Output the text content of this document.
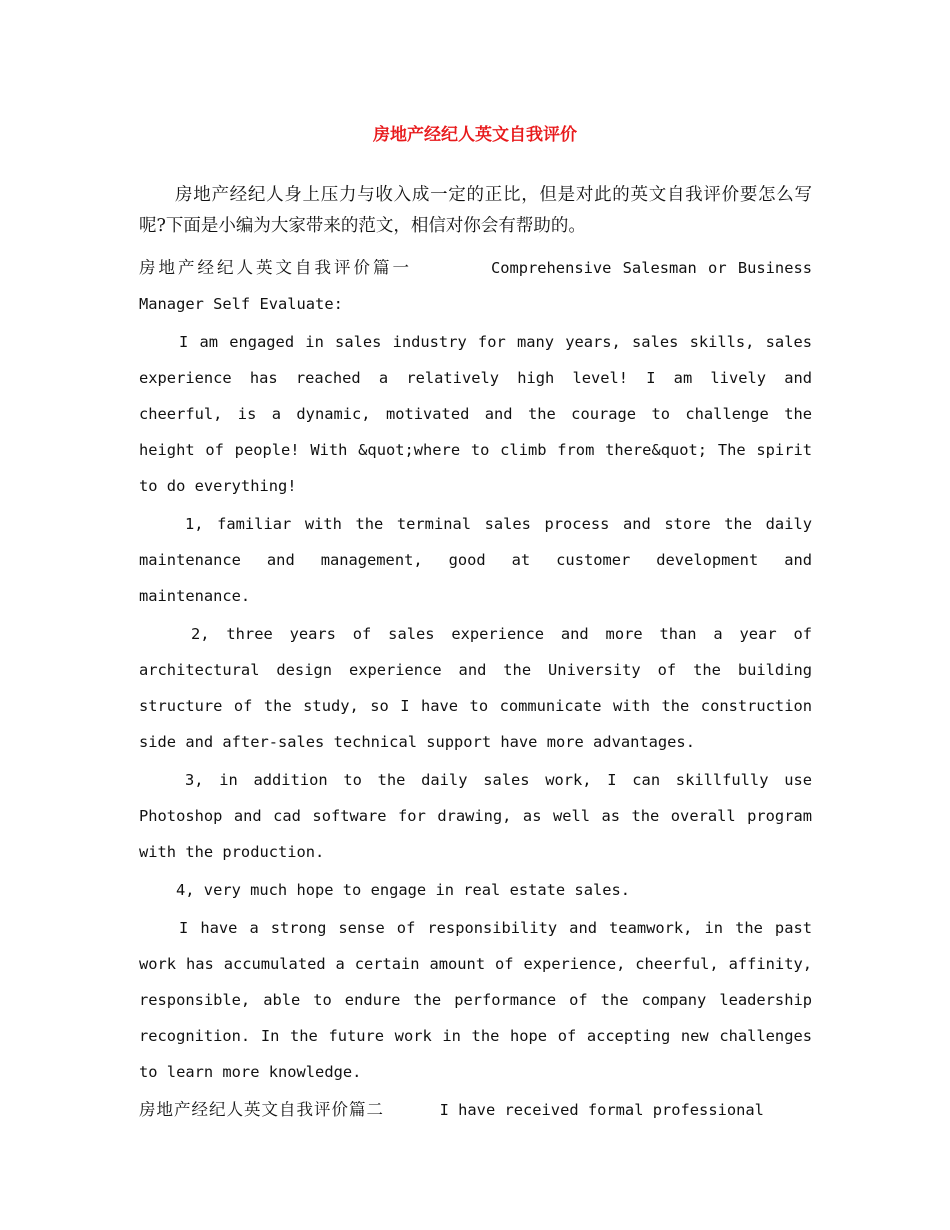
房地产经纪人英文自我评价

房地产经纪人身上压力与收入成一定的正比，但是对此的英文自我评价要怎么写呢?下面是小编为大家带来的范文，相信对你会有帮助的。

房地产经纪人英文自我评价篇一	Comprehensive Salesman or Business Manager Self Evaluate:

I am engaged in sales industry for many years, sales skills, sales experience has reached a relatively high level! I am lively and cheerful, is a dynamic, motivated and the courage to challenge the height of people! With &quot;where to climb from there&quot; The spirit to do everything!

1, familiar with the terminal sales process and store the daily maintenance and management, good at customer development and maintenance.

2, three years of sales experience and more than a year of architectural design experience and the University of the building structure of the study, so I have to communicate with the construction side and after-sales technical support have more advantages.

3, in addition to the daily sales work, I can skillfully use Photoshop and cad software for drawing, as well as the overall program with the production.

4, very much hope to engage in real estate sales.

I have a strong sense of responsibility and teamwork, in the past work has accumulated a certain amount of experience, cheerful, affinity, responsible, able to endure the performance of the company leadership recognition. In the future work in the hope of accepting new challenges to learn more knowledge.

房地产经纪人英文自我评价篇二	I have received formal professional
